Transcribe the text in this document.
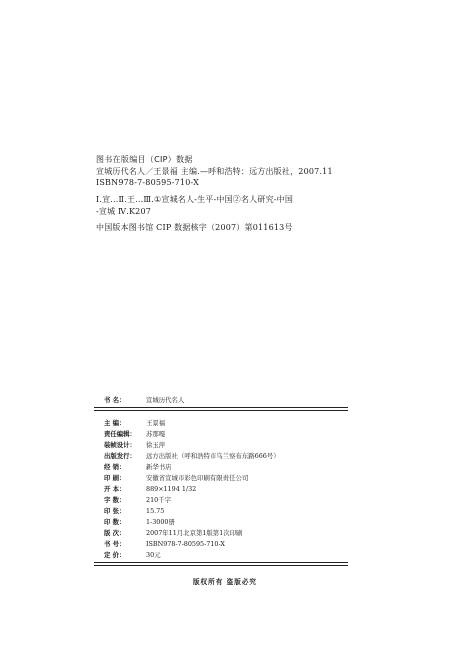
图书在版编目（CIP）数据
宣城历代名人／王景福 主编.—呼和浩特：远方出版社，2007.11
ISBN978-7-80595-710-X
Ⅰ.宣...Ⅱ.王...Ⅲ.①宣城名人-生平-中国②名人研究-中国
-宣城 Ⅳ.K207
中国版本图书馆 CIP 数据核字（2007）第011613号
书 名：	宣城历代名人
主 编：	王景福
责任编辑： 苏那嘎
装帧设计： 徐玉萍
出版发行： 远方出版社（呼和浩特市乌兰察布东路666号）
经 销：	新华书店
印 刷：	安徽省宣城市彩色印刷有限责任公司
开 本：	889×1194 1/32
字 数：	210千字
印 张：	15.75
印 数：	1-3000册
版 次：	2007年11月北京第1版第1次印刷
书 号：	ISBN978-7-80595-710-X
定 价：	30元
版权所有 盗版必究
